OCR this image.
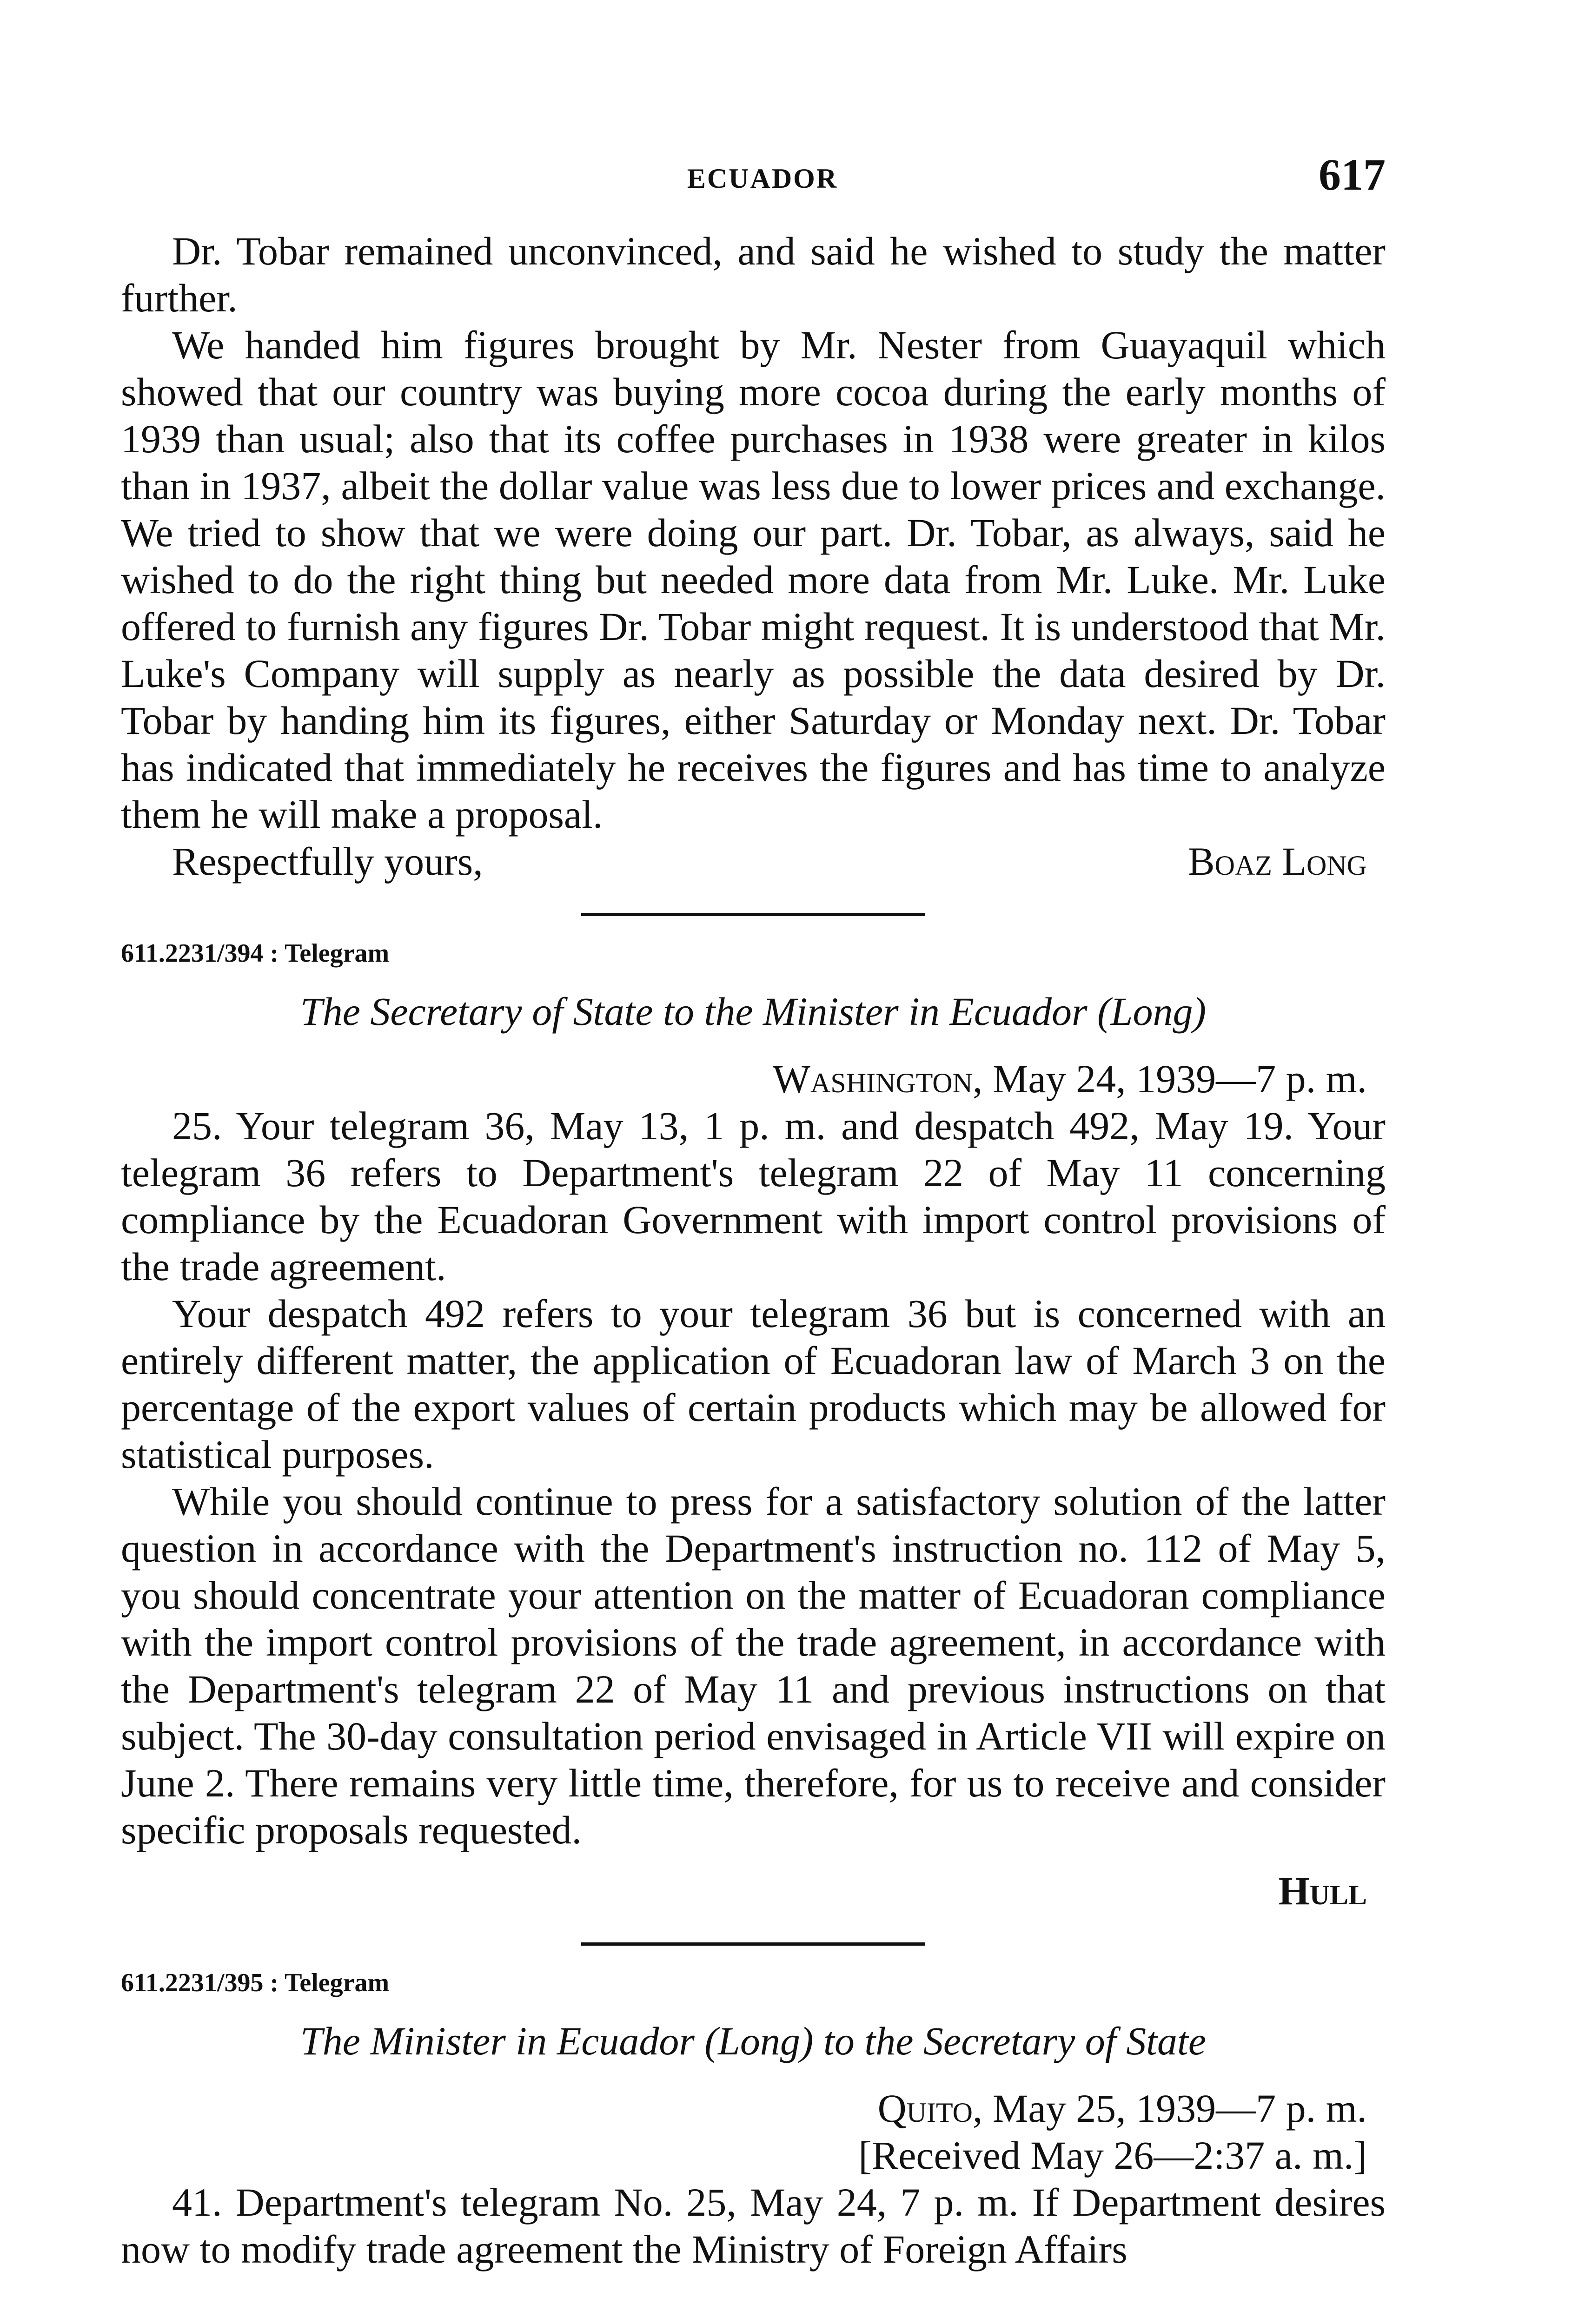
ECUADOR	617

Dr. Tobar remained unconvinced, and said he wished to study the matter further.

We handed him figures brought by Mr. Nester from Guayaquil which showed that our country was buying more cocoa during the early months of 1939 than usual; also that its coffee purchases in 1938 were greater in kilos than in 1937, albeit the dollar value was less due to lower prices and exchange. We tried to show that we were doing our part. Dr. Tobar, as always, said he wished to do the right thing but needed more data from Mr. Luke. Mr. Luke offered to furnish any figures Dr. Tobar might request. It is understood that Mr. Luke's Company will supply as nearly as possible the data desired by Dr. Tobar by handing him its figures, either Saturday or Monday next. Dr. Tobar has indicated that immediately he receives the figures and has time to analyze them he will make a proposal.

Respectfully yours,	Boaz Long
611.2231/394 : Telegram
The Secretary of State to the Minister in Ecuador (Long)
Washington, May 24, 1939—7 p. m.

25. Your telegram 36, May 13, 1 p. m. and despatch 492, May 19. Your telegram 36 refers to Department's telegram 22 of May 11 concerning compliance by the Ecuadoran Government with import control provisions of the trade agreement.

Your despatch 492 refers to your telegram 36 but is concerned with an entirely different matter, the application of Ecuadoran law of March 3 on the percentage of the export values of certain products which may be allowed for statistical purposes.

While you should continue to press for a satisfactory solution of the latter question in accordance with the Department's instruction no. 112 of May 5, you should concentrate your attention on the matter of Ecuadoran compliance with the import control provisions of the trade agreement, in accordance with the Department's telegram 22 of May 11 and previous instructions on that subject. The 30-day consultation period envisaged in Article VII will expire on June 2. There remains very little time, therefore, for us to receive and consider specific proposals requested.

Hull
611.2231/395 : Telegram
The Minister in Ecuador (Long) to the Secretary of State
Quito, May 25, 1939—7 p. m.
[Received May 26—2:37 a. m.]

41. Department's telegram No. 25, May 24, 7 p. m. If Department desires now to modify trade agreement the Ministry of Foreign Affairs
